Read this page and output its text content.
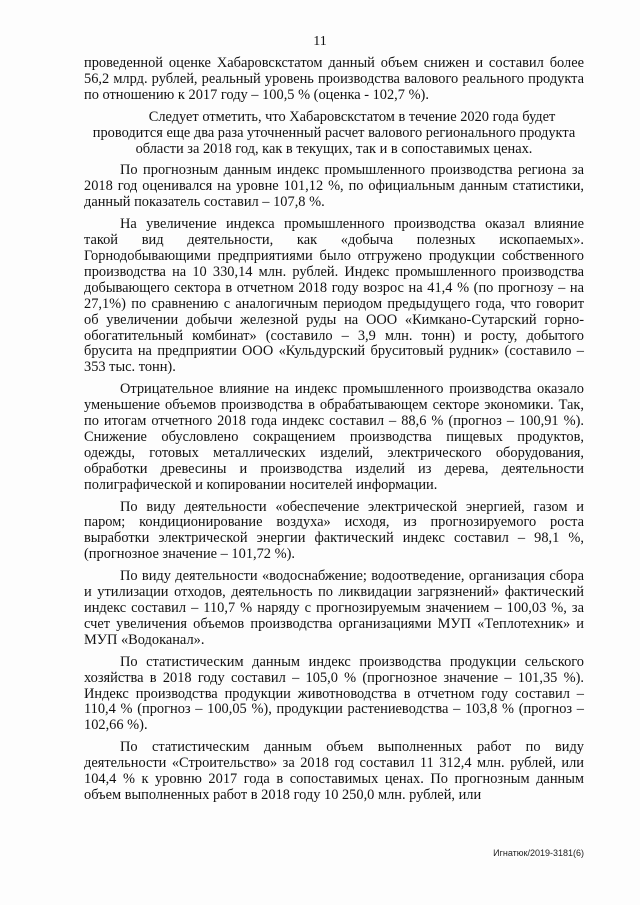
11

проведенной оценке Хабаровскстатом данный объем снижен и составил более 56,2 млрд. рублей, реальный уровень производства валового реального продукта по отношению к 2017 году – 100,5 % (оценка - 102,7 %).

Следует отметить, что Хабаровскстатом в течение 2020 года будет проводится еще два раза уточненный расчет валового регионального продукта области за 2018 год, как в текущих, так и в сопоставимых ценах.

По прогнозным данным индекс промышленного производства региона за 2018 год оценивался на уровне 101,12 %, по официальным данным статистики, данный показатель составил – 107,8 %.

На увеличение индекса промышленного производства оказал влияние такой вид деятельности, как «добыча полезных ископаемых». Горнодобывающими предприятиями было отгружено продукции собственного производства на 10 330,14 млн. рублей. Индекс промышленного производства добывающего сектора в отчетном 2018 году возрос на 41,4 % (по прогнозу – на 27,1%) по сравнению с аналогичным периодом предыдущего года, что говорит об увеличении добычи железной руды на ООО «Кимкано-Сутарский горно-обогатительный комбинат» (составило – 3,9 млн. тонн) и росту, добытого брусита на предприятии ООО «Кульдурский бруситовый рудник» (составило – 353 тыс. тонн).

Отрицательное влияние на индекс промышленного производства оказало уменьшение объемов производства в обрабатывающем секторе экономики. Так, по итогам отчетного 2018 года индекс составил – 88,6 % (прогноз – 100,91 %). Снижение обусловлено сокращением производства пищевых продуктов, одежды, готовых металлических изделий, электрического оборудования, обработки древесины и производства изделий из дерева, деятельности полиграфической и копировании носителей информации.

По виду деятельности «обеспечение электрической энергией, газом и паром; кондиционирование воздуха» исходя, из прогнозируемого роста выработки электрической энергии фактический индекс составил – 98,1 %, (прогнозное значение – 101,72 %).

По виду деятельности «водоснабжение; водоотведение, организация сбора и утилизации отходов, деятельность по ликвидации загрязнений» фактический индекс составил – 110,7 % наряду с прогнозируемым значением – 100,03 %, за счет увеличения объемов производства организациями МУП «Теплотехник» и МУП «Водоканал».

По статистическим данным индекс производства продукции сельского хозяйства в 2018 году составил – 105,0 % (прогнозное значение – 101,35 %). Индекс производства продукции животноводства в отчетном году составил – 110,4 % (прогноз – 100,05 %), продукции растениеводства – 103,8 % (прогноз – 102,66 %).

По статистическим данным объем выполненных работ по виду деятельности «Строительство» за 2018 год составил 11 312,4 млн. рублей, или 104,4 % к уровню 2017 года в сопоставимых ценах. По прогнозным данным объем выполненных работ в 2018 году 10 250,0 млн. рублей, или

Игнатюк/2019-3181(6)
